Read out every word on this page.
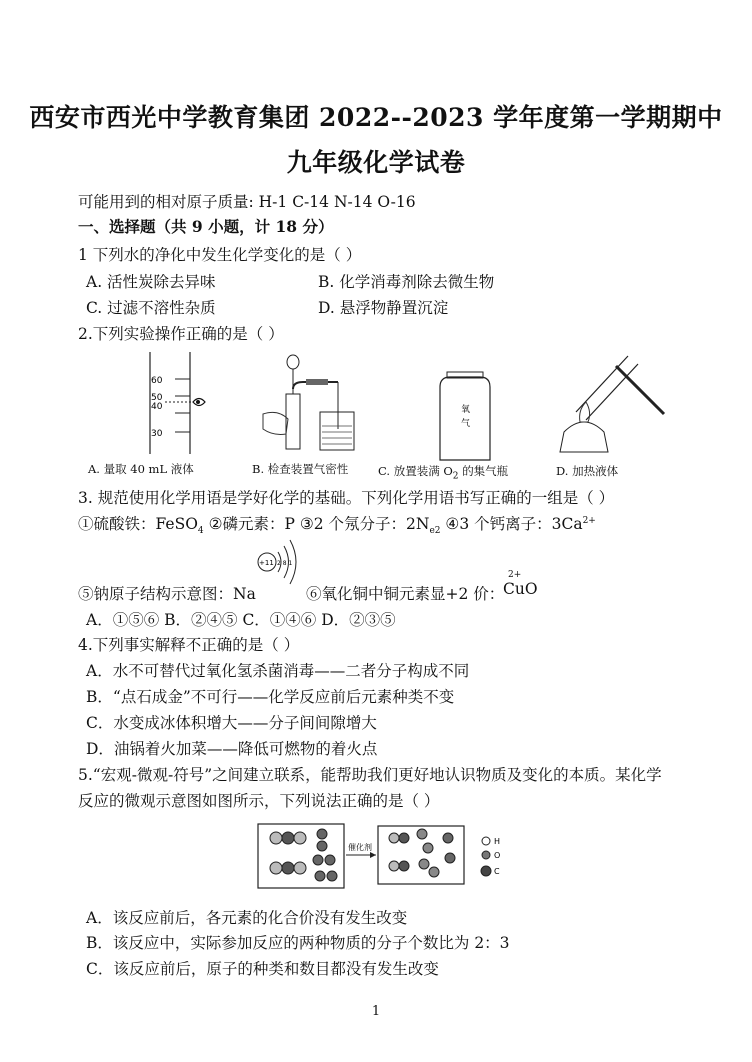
西安市西光中学教育集团 2022--2023 学年度第一学期期中
九年级化学试卷
可能用到的相对原子质量: H-1 C-14 N-14 O-16
一、选择题（共 9 小题，计 18 分）
1 下列水的净化中发生化学变化的是（ ）
A. 活性炭除去异味	B. 化学消毒剂除去微生物
C. 过滤不溶性杂质	D. 悬浮物静置沉淀
2.下列实验操作正确的是（ ）
60
50
40
30
A. 量取 40 mL 液体	B. 检查装置气密性
氧
气
C. 放置装满 $O_2$ 的集气瓶	D. 加热液体
3. 规范使用化学用语是学好化学的基础。下列化学用语书写正确的一组是（ ）
①硫酸铁：FeSO$_4$ ②磷元素：P ③2 个氖分子：$2N_{e2}$ ④3 个钙离子：$3Ca^{2+}$
+11 2 8 1
⑤钠原子结构示意图：Na	⑥氧化铜中铜元素显+2 价：
2+
CuO
A．①⑤⑥ B．②④⑤ C．①④⑥ D．②③⑤
4.下列事实解释不正确的是（ ）
A．水不可替代过氧化氢杀菌消毒——二者分子构成不同
B．“点石成金”不可行——化学反应前后元素种类不变
C．水变成冰体积增大——分子间间隙增大
D．油锅着火加菜——降低可燃物的着火点
5.“宏观-微观-符号”之间建立联系，能帮助我们更好地认识物质及变化的本质。某化学
反应的微观示意图如图所示，下列说法正确的是（ ）
催化剂
H
O
C
A．该反应前后，各元素的化合价没有发生改变
B．该反应中，实际参加反应的两种物质的分子个数比为 2：3
C．该反应前后，原子的种类和数目都没有发生改变
1
